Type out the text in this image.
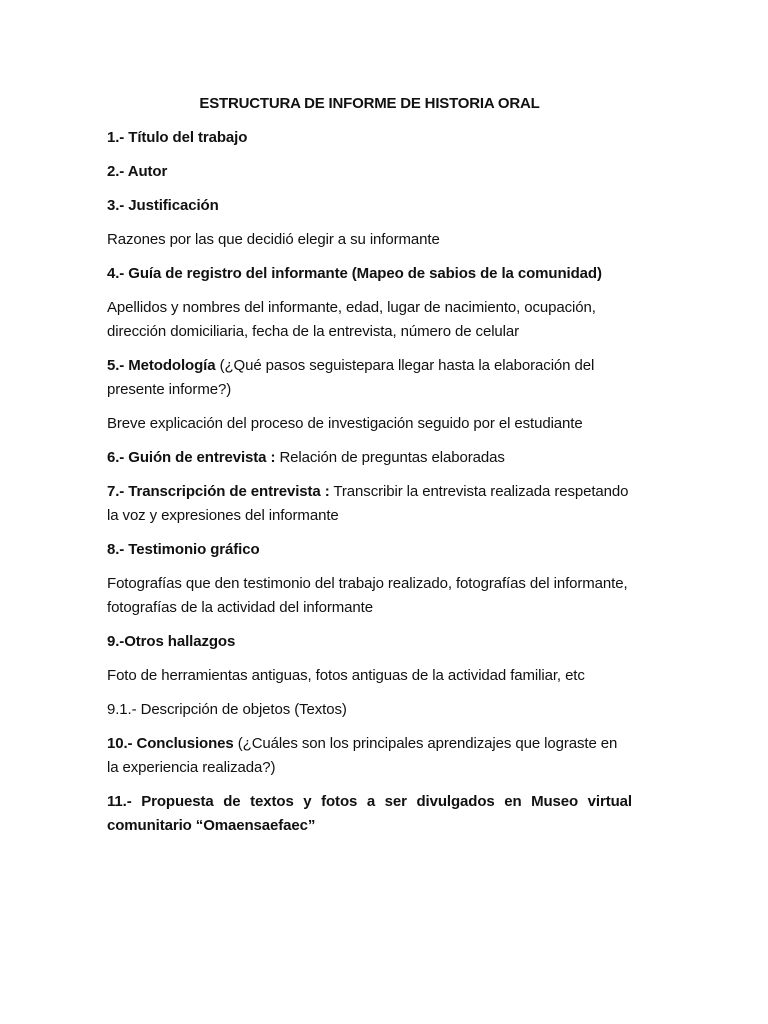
ESTRUCTURA DE INFORME DE HISTORIA ORAL

1.- Título del trabajo

2.- Autor

3.- Justificación

Razones por las que decidió elegir a su informante

4.- Guía de registro del informante (Mapeo de sabios de la comunidad)

Apellidos y nombres del informante, edad, lugar de nacimiento, ocupación, dirección domiciliaria, fecha de la entrevista, número de celular

5.- Metodología (¿Qué pasos seguistepara llegar hasta la elaboración del presente informe?)

Breve explicación del proceso de investigación seguido por el estudiante

6.- Guión de entrevista : Relación de preguntas elaboradas

7.- Transcripción de entrevista : Transcribir la entrevista realizada respetando la voz y expresiones del informante

8.- Testimonio gráfico

Fotografías que den testimonio del trabajo realizado, fotografías del informante, fotografías de la actividad del informante

9.-Otros hallazgos

Foto de herramientas antiguas, fotos antiguas de la actividad familiar, etc

9.1.- Descripción de objetos (Textos)

10.- Conclusiones (¿Cuáles son los principales aprendizajes que lograste en la experiencia realizada?)

11.- Propuesta de textos y fotos a ser divulgados en Museo virtual comunitario “Omaensaefaec”
